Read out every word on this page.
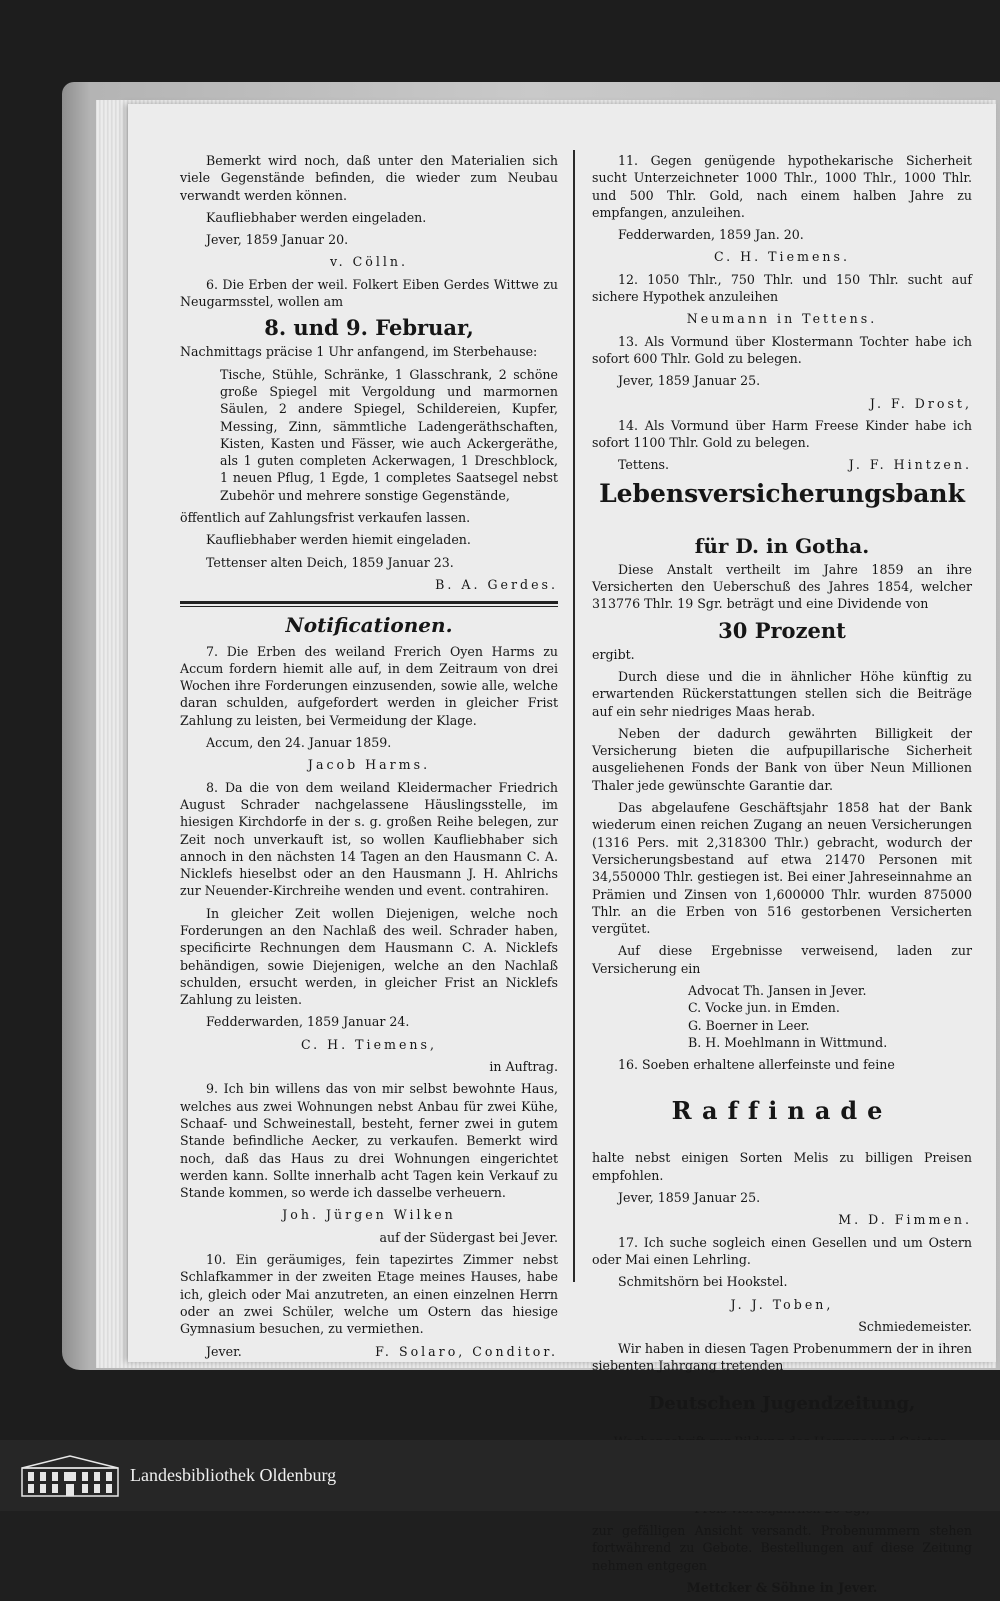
Bemerkt wird noch, daß unter den Materialien sich viele Gegenstände befinden, die wieder zum Neubau verwandt werden können.

Kaufliebhaber werden eingeladen.

Jever, 1859 Januar 20.

v. Cölln.

6. Die Erben der weil. Folkert Eiben Gerdes Wittwe zu Neugarmsstel, wollen am

8. und 9. Februar,

Nachmittags präcise 1 Uhr anfangend, im Sterbehause:

Tische, Stühle, Schränke, 1 Glasschrank, 2 schöne große Spiegel mit Vergoldung und marmornen Säulen, 2 andere Spiegel, Schildereien, Kupfer, Messing, Zinn, sämmtliche Ladengeräthschaften, Kisten, Kasten und Fässer, wie auch Ackergeräthe, als 1 guten completen Ackerwagen, 1 Dreschblock, 1 neuen Pflug, 1 Egde, 1 completes Saatsegel nebst Zubehör und mehrere sonstige Gegenstände,

öffentlich auf Zahlungsfrist verkaufen lassen.

Kaufliebhaber werden hiemit eingeladen.

Tettenser alten Deich, 1859 Januar 23.

B. A. Gerdes.

Notificationen.

7. Die Erben des weiland Frerich Oyen Harms zu Accum fordern hiemit alle auf, in dem Zeitraum von drei Wochen ihre Forderungen einzusenden, sowie alle, welche daran schulden, aufgefordert werden in gleicher Frist Zahlung zu leisten, bei Vermeidung der Klage.

Accum, den 24. Januar 1859.

Jacob Harms.

8. Da die von dem weiland Kleidermacher Friedrich August Schrader nachgelassene Häuslingsstelle, im hiesigen Kirchdorfe in der s. g. großen Reihe belegen, zur Zeit noch unverkauft ist, so wollen Kaufliebhaber sich annoch in den nächsten 14 Tagen an den Hausmann C. A. Nicklefs hieselbst oder an den Hausmann J. H. Ahlrichs zur Neuender-Kirchreihe wenden und event. contrahiren.

In gleicher Zeit wollen Diejenigen, welche noch Forderungen an den Nachlaß des weil. Schrader haben, specificirte Rechnungen dem Hausmann C. A. Nicklefs behändigen, sowie Diejenigen, welche an den Nachlaß schulden, ersucht werden, in gleicher Frist an Nicklefs Zahlung zu leisten.

Fedderwarden, 1859 Januar 24.

C. H. Tiemens,

in Auftrag.

9. Ich bin willens das von mir selbst bewohnte Haus, welches aus zwei Wohnungen nebst Anbau für zwei Kühe, Schaaf- und Schweinestall, besteht, ferner zwei in gutem Stande befindliche Aecker, zu verkaufen. Bemerkt wird noch, daß das Haus zu drei Wohnungen eingerichtet werden kann. Sollte innerhalb acht Tagen kein Verkauf zu Stande kommen, so werde ich dasselbe verheuern.

Joh. Jürgen Wilken

auf der Südergast bei Jever.

10. Ein geräumiges, fein tapezirtes Zimmer nebst Schlafkammer in der zweiten Etage meines Hauses, habe ich, gleich oder Mai anzutreten, an einen einzelnen Herrn oder an zwei Schüler, welche um Ostern das hiesige Gymnasium besuchen, zu vermiethen.

Jever.	F. Solaro, Conditor.

11. Gegen genügende hypothekarische Sicherheit sucht Unterzeichneter 1000 Thlr., 1000 Thlr., 1000 Thlr. und 500 Thlr. Gold, nach einem halben Jahre zu empfangen, anzuleihen.

Fedderwarden, 1859 Jan. 20.

C. H. Tiemens.

12. 1050 Thlr., 750 Thlr. und 150 Thlr. sucht auf sichere Hypothek anzuleihen

Neumann in Tettens.

13. Als Vormund über Klostermann Tochter habe ich sofort 600 Thlr. Gold zu belegen.

Jever, 1859 Januar 25.

J. F. Drost,

14. Als Vormund über Harm Freese Kinder habe ich sofort 1100 Thlr. Gold zu belegen.

Tettens.	J. F. Hintzen.

Lebensversicherungsbank

für D. in Gotha.

Diese Anstalt vertheilt im Jahre 1859 an ihre Versicherten den Ueberschuß des Jahres 1854, welcher 313776 Thlr. 19 Sgr. beträgt und eine Dividende von

30 Prozent

ergibt.

Durch diese und die in ähnlicher Höhe künftig zu erwartenden Rückerstattungen stellen sich die Beiträge auf ein sehr niedriges Maas herab.

Neben der dadurch gewährten Billigkeit der Versicherung bieten die aufpupillarische Sicherheit ausgeliehenen Fonds der Bank von über Neun Millionen Thaler jede gewünschte Garantie dar.

Das abgelaufene Geschäftsjahr 1858 hat der Bank wiederum einen reichen Zugang an neuen Versicherungen (1316 Pers. mit 2,318300 Thlr.) gebracht, wodurch der Versicherungsbestand auf etwa 21470 Personen mit 34,550000 Thlr. gestiegen ist. Bei einer Jahreseinnahme an Prämien und Zinsen von 1,600000 Thlr. wurden 875000 Thlr. an die Erben von 516 gestorbenen Versicherten vergütet.

Auf diese Ergebnisse verweisend, laden zur Versicherung ein

Advocat Th. Jansen in Jever.
C. Vocke jun. in Emden.
G. Boerner in Leer.
B. H. Moehlmann in Wittmund.

16. Soeben erhaltene allerfeinste und feine

Raffinade

halte nebst einigen Sorten Melis zu billigen Preisen empfohlen.

Jever, 1859 Januar 25.

M. D. Fimmen.

17. Ich suche sogleich einen Gesellen und um Ostern oder Mai einen Lehrling.

Schmitshörn bei Hookstel.

J. J. Toben,

Schmiedemeister.

Wir haben in diesen Tagen Probenummern der in ihren siebenten Jahrgang tretenden

Deutschen Jugendzeitung,

zur gefälligen Ansicht versandt. Probenummern stehen fortwährend zu Gebote. Bestellungen auf diese Zeitung nehmen entgegen

Mettcker & Söhne in Jever.

Landesbibliothek Oldenburg
